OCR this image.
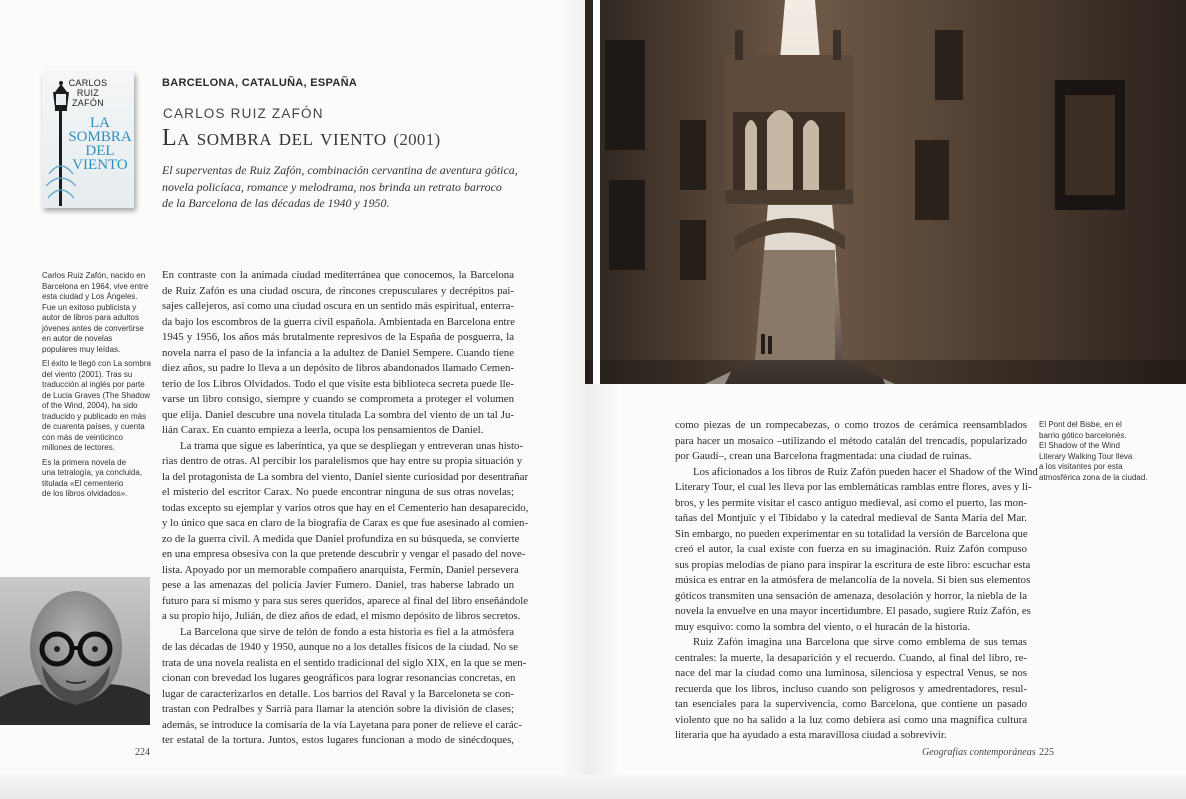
CARLOS
RUIZ
ZAFÓN
LA
SOMBRA
DEL
VIENTO
BARCELONA, CATALUÑA, ESPAÑA
CARLOS RUIZ ZAFÓN
La sombra del viento (2001)
El superventas de Ruiz Zafón, combinación cervantina de aventura gótica,
novela policíaca, romance y melodrama, nos brinda un retrato barroco
de la Barcelona de las décadas de 1940 y 1950.

Carlos Ruiz Zafón, nacido en
Barcelona en 1964, vive entre
esta ciudad y Los Ángeles.
Fue un exitoso publicista y
autor de libros para adultos
jóvenes antes de convertirse
en autor de novelas
populares muy leídas.

El éxito le llegó con La sombra
del viento (2001). Tras su
traducción al inglés por parte
de Lucia Graves (The Shadow
of the Wind, 2004), ha sido
traducido y publicado en más
de cuarenta países, y cuenta
con más de veinticinco
millones de lectores.

Es la primera novela de
una tetralogía, ya concluida,
titulada «El cementerio
de los libros olvidados».

En contraste con la animada ciudad mediterránea que conocemos, la Barcelona
de Ruiz Zafón es una ciudad oscura, de rincones crepusculares y decrépitos pai-
sajes callejeros, así como una ciudad oscura en un sentido más espiritual, enterra-
da bajo los escombros de la guerra civil española. Ambientada en Barcelona entre
1945 y 1956, los años más brutalmente represivos de la España de posguerra, la
novela narra el paso de la infancia a la adultez de Daniel Sempere. Cuando tiene
diez años, su padre lo lleva a un depósito de libros abandonados llamado Cemen-
terio de los Libros Olvidados. Todo el que visite esta biblioteca secreta puede lle-
varse un libro consigo, siempre y cuando se comprometa a proteger el volumen
que elija. Daniel descubre una novela titulada La sombra del viento de un tal Ju-
lián Carax. En cuanto empieza a leerla, ocupa los pensamientos de Daniel.
La trama que sigue es laberíntica, ya que se despliegan y entreveran unas histo-
rias dentro de otras. Al percibir los paralelismos que hay entre su propia situación y
la del protagonista de La sombra del viento, Daniel siente curiosidad por desentrañar
el misterio del escritor Carax. No puede encontrar ninguna de sus otras novelas;
todas excepto su ejemplar y varios otros que hay en el Cementerio han desaparecido,
y lo único que saca en claro de la biografía de Carax es que fue asesinado al comien-
zo de la guerra civil. A medida que Daniel profundiza en su búsqueda, se convierte
en una empresa obsesiva con la que pretende descubrir y vengar el pasado del nove-
lista. Apoyado por un memorable compañero anarquista, Fermín, Daniel persevera
pese a las amenazas del policía Javier Fumero. Daniel, tras haberse labrado un
futuro para sí mismo y para sus seres queridos, aparece al final del libro enseñándole
a su propio hijo, Julián, de diez años de edad, el mismo depósito de libros secretos.
La Barcelona que sirve de telón de fondo a esta historia es fiel a la atmósfera
de las décadas de 1940 y 1950, aunque no a los detalles físicos de la ciudad. No se
trata de una novela realista en el sentido tradicional del siglo XIX, en la que se men-
cionan con brevedad los lugares geográficos para lograr resonancias concretas, en
lugar de caracterizarlos en detalle. Los barrios del Raval y la Barceloneta se con-
trastan con Pedralbes y Sarrià para llamar la atención sobre la división de clases;
además, se introduce la comisaría de la vía Layetana para poner de relieve el carác-
ter estatal de la tortura. Juntos, estos lugares funcionan a modo de sinécdoques,
El Pont del Bisbe, en el
barrio gótico barcelonés.
El Shadow of the Wind
Literary Walking Tour lleva
a los visitantes por esta
atmosférica zona de la ciudad.
como piezas de un rompecabezas, o como trozos de cerámica reensamblados
para hacer un mosaico –utilizando el método catalán del trencadís, popularizado
por Gaudí–, crean una Barcelona fragmentada: una ciudad de ruinas.
Los aficionados a los libros de Ruiz Zafón pueden hacer el Shadow of the Wind
Literary Tour, el cual les lleva por las emblemáticas ramblas entre flores, aves y li-
bros, y les permite visitar el casco antiguo medieval, así como el puerto, las mon-
tañas del Montjuïc y el Tibidabo y la catedral medieval de Santa María del Mar.
Sin embargo, no pueden experimentar en su totalidad la versión de Barcelona que
creó el autor, la cual existe con fuerza en su imaginación. Ruiz Zafón compuso
sus propias melodías de piano para inspirar la escritura de este libro: escuchar esta
música es entrar en la atmósfera de melancolía de la novela. Si bien sus elementos
góticos transmiten una sensación de amenaza, desolación y horror, la niebla de la
novela la envuelve en una mayor incertidumbre. El pasado, sugiere Ruiz Zafón, es
muy esquivo: como la sombra del viento, o el huracán de la historia.
Ruiz Zafón imagina una Barcelona que sirve como emblema de sus temas
centrales: la muerte, la desaparición y el recuerdo. Cuando, al final del libro, re-
nace del mar la ciudad como una luminosa, silenciosa y espectral Venus, se nos
recuerda que los libros, incluso cuando son peligrosos y amedrentadores, resul-
tan esenciales para la supervivencia, como Barcelona, que contiene un pasado
violento que no ha salido a la luz como debiera así como una magnífica cultura
literaria que ha ayudado a esta maravillosa ciudad a sobrevivir.
224	Geografías contemporáneas 225
